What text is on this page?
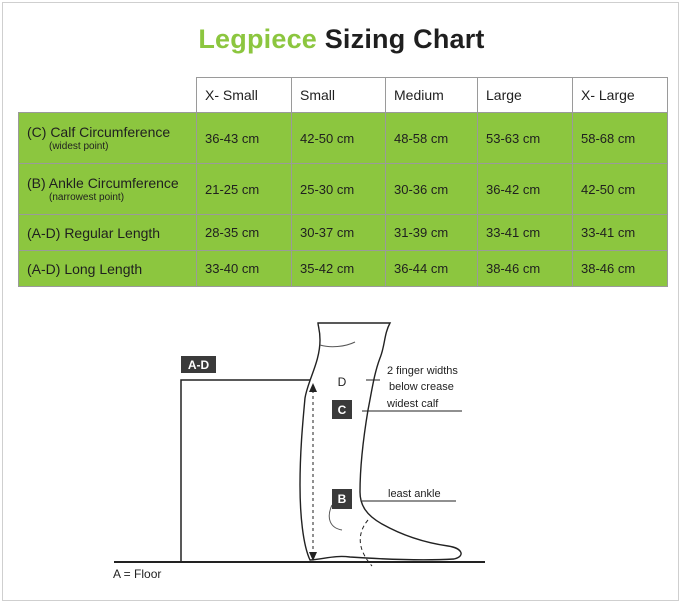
Legpiece Sizing Chart
	X- Small	Small	Medium	Large	X- Large

(C) Calf Circumference
(widest point)	36-43 cm	42-50 cm	48-58 cm	53-63 cm	58-68 cm

(B) Ankle Circumference
(narrowest point)	21-25 cm	25-30 cm	30-36 cm	36-42 cm	42-50 cm

(A-D) Regular Length	28-35 cm	30-37 cm	31-39 cm	33-41 cm	33-41 cm

(A-D) Long Length	33-40 cm	35-42 cm	36-44 cm	38-46 cm	38-46 cm
A-D
D
2 finger widths
below crease
C	widest calf
B	least ankle
A = Floor
